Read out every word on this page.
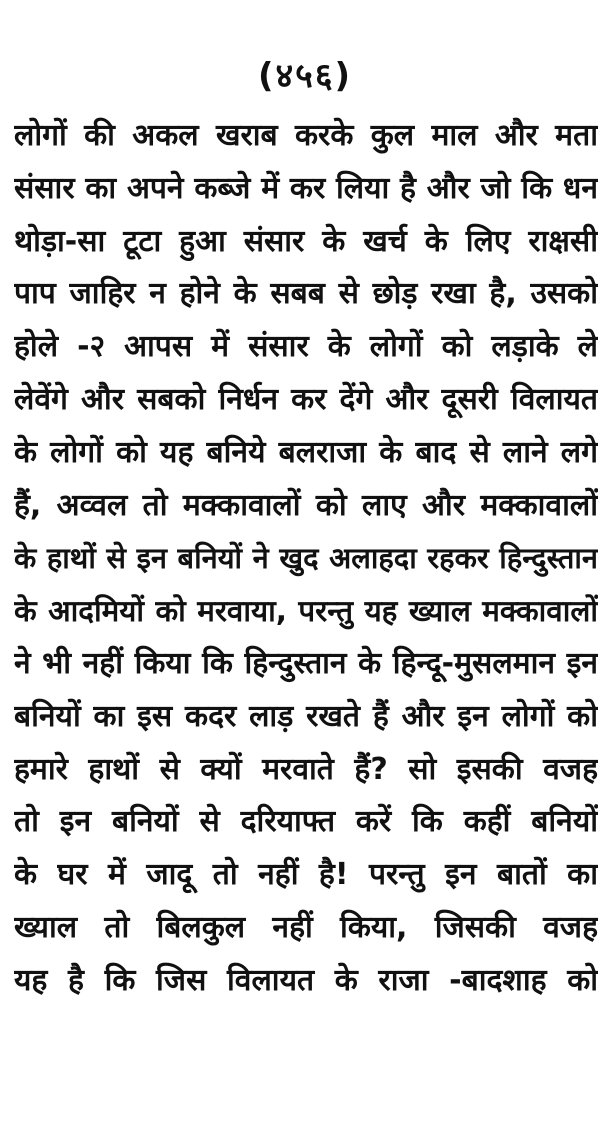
(४५६)
लोगों की अकल खराब करके कुल माल और मता
संसार का अपने कब्जे में कर लिया है और जो कि धन
थोड़ा-सा टूटा हुआ संसार के खर्च के लिए राक्षसी
पाप जाहिर न होने के सबब से छोड़ रखा है, उसको
होले -२ आपस में संसार के लोगों को लड़ाके ले
लेवेंगे और सबको निर्धन कर देंगे और दूसरी विलायत
के लोगों को यह बनिये बलराजा के बाद से लाने लगे
हैं, अव्वल तो मक्कावालों को लाए और मक्कावालों
के हाथों से इन बनियों ने खुद अलाहदा रहकर हिन्दुस्तान
के आदमियों को मरवाया, परन्तु यह ख्याल मक्कावालों
ने भी नहीं किया कि हिन्दुस्तान के हिन्दू-मुसलमान इन
बनियों का इस कदर लाड़ रखते हैं और इन लोगों को
हमारे हाथों से क्यों मरवाते हैं? सो इसकी वजह
तो इन बनियों से दरियाफ्त करें कि कहीं बनियों
के घर में जादू तो नहीं है! परन्तु इन बातों का
ख्याल तो बिलकुल नहीं किया, जिसकी वजह
यह है कि जिस विलायत के राजा -बादशाह को
